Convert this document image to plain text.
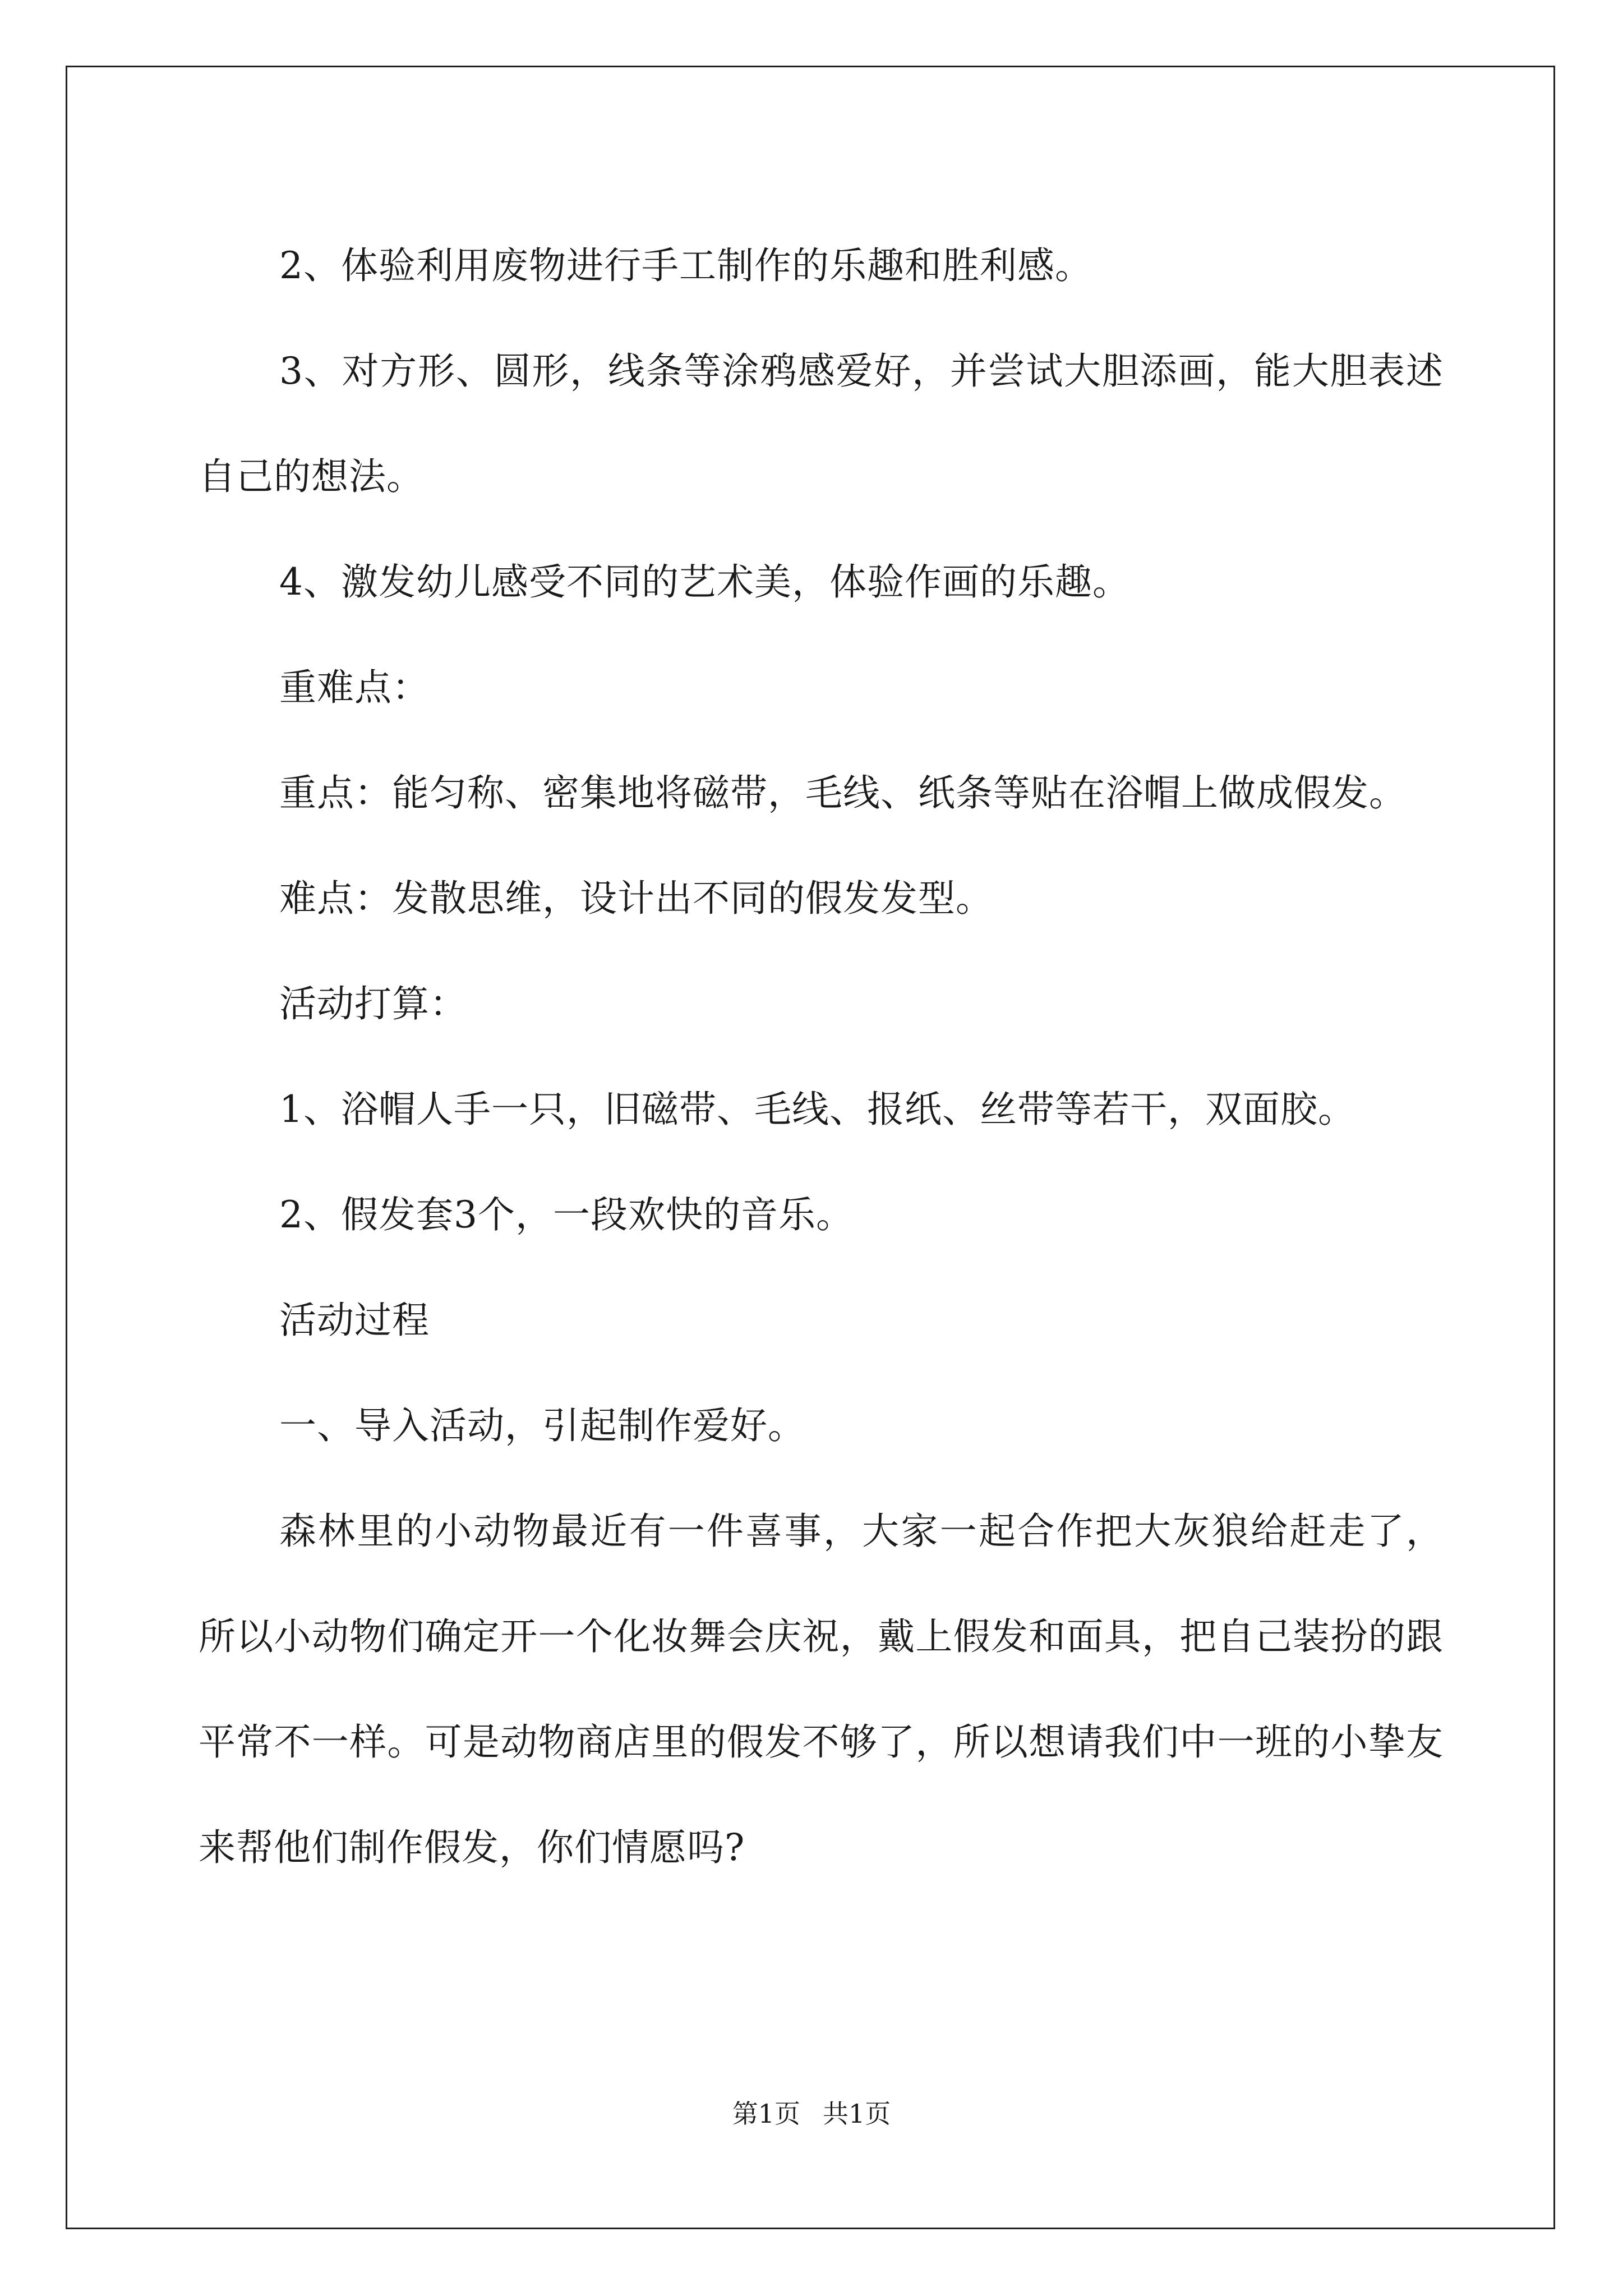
2、体验利用废物进行手工制作的乐趣和胜利感。

3、对方形、圆形，线条等涂鸦感爱好，并尝试大胆添画，能大胆表述自己的想法。

4、激发幼儿感受不同的艺术美，体验作画的乐趣。

重难点：

重点：能匀称、密集地将磁带，毛线、纸条等贴在浴帽上做成假发。

难点：发散思维，设计出不同的假发发型。

活动打算：

1、浴帽人手一只，旧磁带、毛线、报纸、丝带等若干，双面胶。

2、假发套3个，一段欢快的音乐。

活动过程

一、导入活动，引起制作爱好。

森林里的小动物最近有一件喜事，大家一起合作把大灰狼给赶走了，所以小动物们确定开一个化妆舞会庆祝，戴上假发和面具，把自己装扮的跟平常不一样。可是动物商店里的假发不够了，所以想请我们中一班的小挚友来帮他们制作假发，你们情愿吗?

第1页 共1页
